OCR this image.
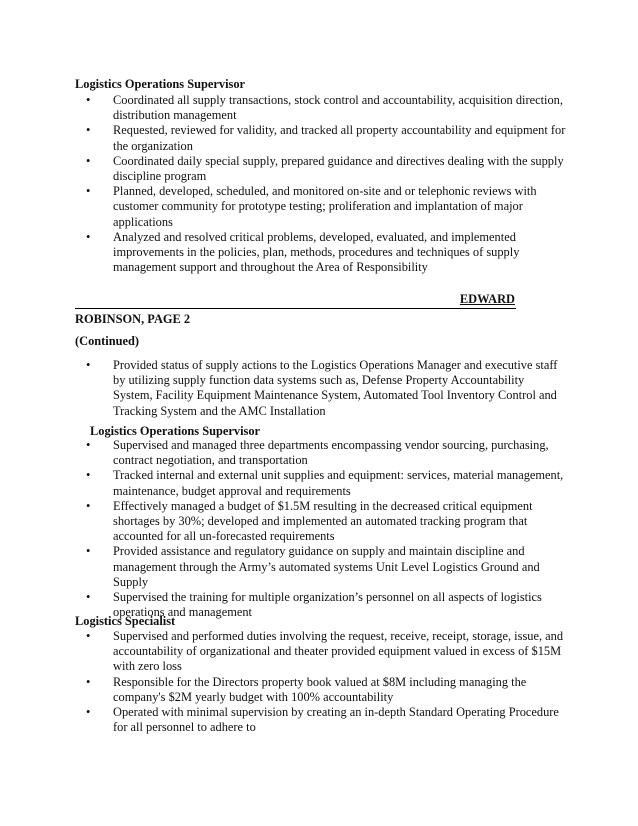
Logistics Operations Supervisor
• Coordinated all supply transactions, stock control and accountability, acquisition direction, distribution management
• Requested, reviewed for validity, and tracked all property accountability and equipment for the organization
• Coordinated daily special supply, prepared guidance and directives dealing with the supply discipline program
• Planned, developed, scheduled, and monitored on-site and or telephonic reviews with customer community for prototype testing; proliferation and implantation of major applications
• Analyzed and resolved critical problems, developed, evaluated, and implemented improvements in the policies, plan, methods, procedures and techniques of supply management support and throughout the Area of Responsibility
EDWARD
ROBINSON, PAGE 2
(Continued)
• Provided status of supply actions to the Logistics Operations Manager and executive staff by utilizing supply function data systems such as, Defense Property Accountability System, Facility Equipment Maintenance System, Automated Tool Inventory Control and Tracking System and the AMC Installation
Logistics Operations Supervisor
• Supervised and managed three departments encompassing vendor sourcing, purchasing, contract negotiation, and transportation
• Tracked internal and external unit supplies and equipment: services, material management, maintenance, budget approval and requirements
• Effectively managed a budget of $1.5M resulting in the decreased critical equipment shortages by 30%; developed and implemented an automated tracking program that accounted for all un-forecasted requirements
• Provided assistance and regulatory guidance on supply and maintain discipline and management through the Army’s automated systems Unit Level Logistics Ground and Supply
• Supervised the training for multiple organization’s personnel on all aspects of logistics operations and management
Logistics Specialist
• Supervised and performed duties involving the request, receive, receipt, storage, issue, and accountability of organizational and theater provided equipment valued in excess of $15M with zero loss
• Responsible for the Directors property book valued at $8M including managing the company's $2M yearly budget with 100% accountability
• Operated with minimal supervision by creating an in-depth Standard Operating Procedure for all personnel to adhere to
